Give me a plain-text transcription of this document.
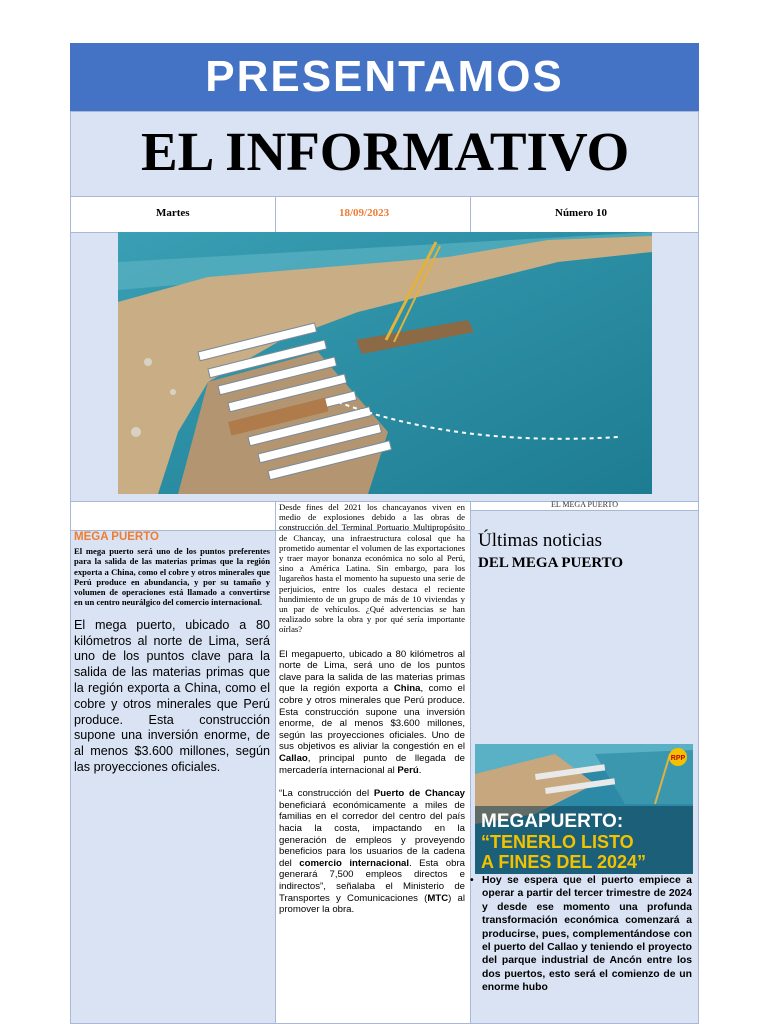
PRESENTAMOS
EL INFORMATIVO
Martes	18/09/2023	Número 10
EL MEGA PUERTO
MEGA PUERTO

El mega puerto será uno de los puntos preferentes para la salida de las materias primas que la región exporta a China, como el cobre y otros minerales que Perú produce en abundancia, y por su tamaño y volumen de operaciones está llamado a convertirse en un centro neurálgico del comercio internacional.

El mega puerto, ubicado a 80 kilómetros al norte de Lima, será uno de los puntos clave para la salida de las materias primas que la región exporta a China, como el cobre y otros minerales que Perú produce. Esta construcción supone una inversión enorme, de al menos $3.600 millones, según las proyecciones oficiales.

Desde fines del 2021 los chancayanos viven en medio de explosiones debido a las obras de construcción del Terminal Portuario Multipropósito de Chancay, una infraestructura colosal que ha prometido aumentar el volumen de las exportaciones y traer mayor bonanza económica no solo al Perú, sino a América Latina. Sin embargo, para los lugareños hasta el momento ha supuesto una serie de perjuicios, entre los cuales destaca el reciente hundimiento de un grupo de más de 10 viviendas y un par de vehículos. ¿Qué advertencias se han realizado sobre la obra y por qué sería importante oírlas?

El megapuerto, ubicado a 80 kilómetros al norte de Lima, será uno de los puntos clave para la salida de las materias primas que la región exporta a China, como el cobre y otros minerales que Perú produce. Esta construcción supone una inversión enorme, de al menos $3.600 millones, según las proyecciones oficiales. Uno de sus objetivos es aliviar la congestión en el Callao, principal punto de llegada de mercadería internacional al Perú.

“La construcción del Puerto de Chancay beneficiará económicamente a miles de familias en el corredor del centro del país hacia la costa, impactando en la generación de empleos y proveyendo beneficios para los usuarios de la cadena del comercio internacional. Esta obra generará 7,500 empleos directos e indirectos”, señalaba el Ministerio de Transportes y Comunicaciones (MTC) al promover la obra.

Últimas noticias
DEL MEGA PUERTO
RPP
MEGAPUERTO:
“TENERLO LISTO
A FINES DEL 2024”
• Hoy se espera que el puerto empiece a operar a partir del tercer trimestre de 2024 y desde ese momento una profunda transformación económica comenzará a producirse, pues, complementándose con el puerto del Callao y teniendo el proyecto del parque industrial de Ancón entre los dos puertos, esto será el comienzo de un enorme hubo
